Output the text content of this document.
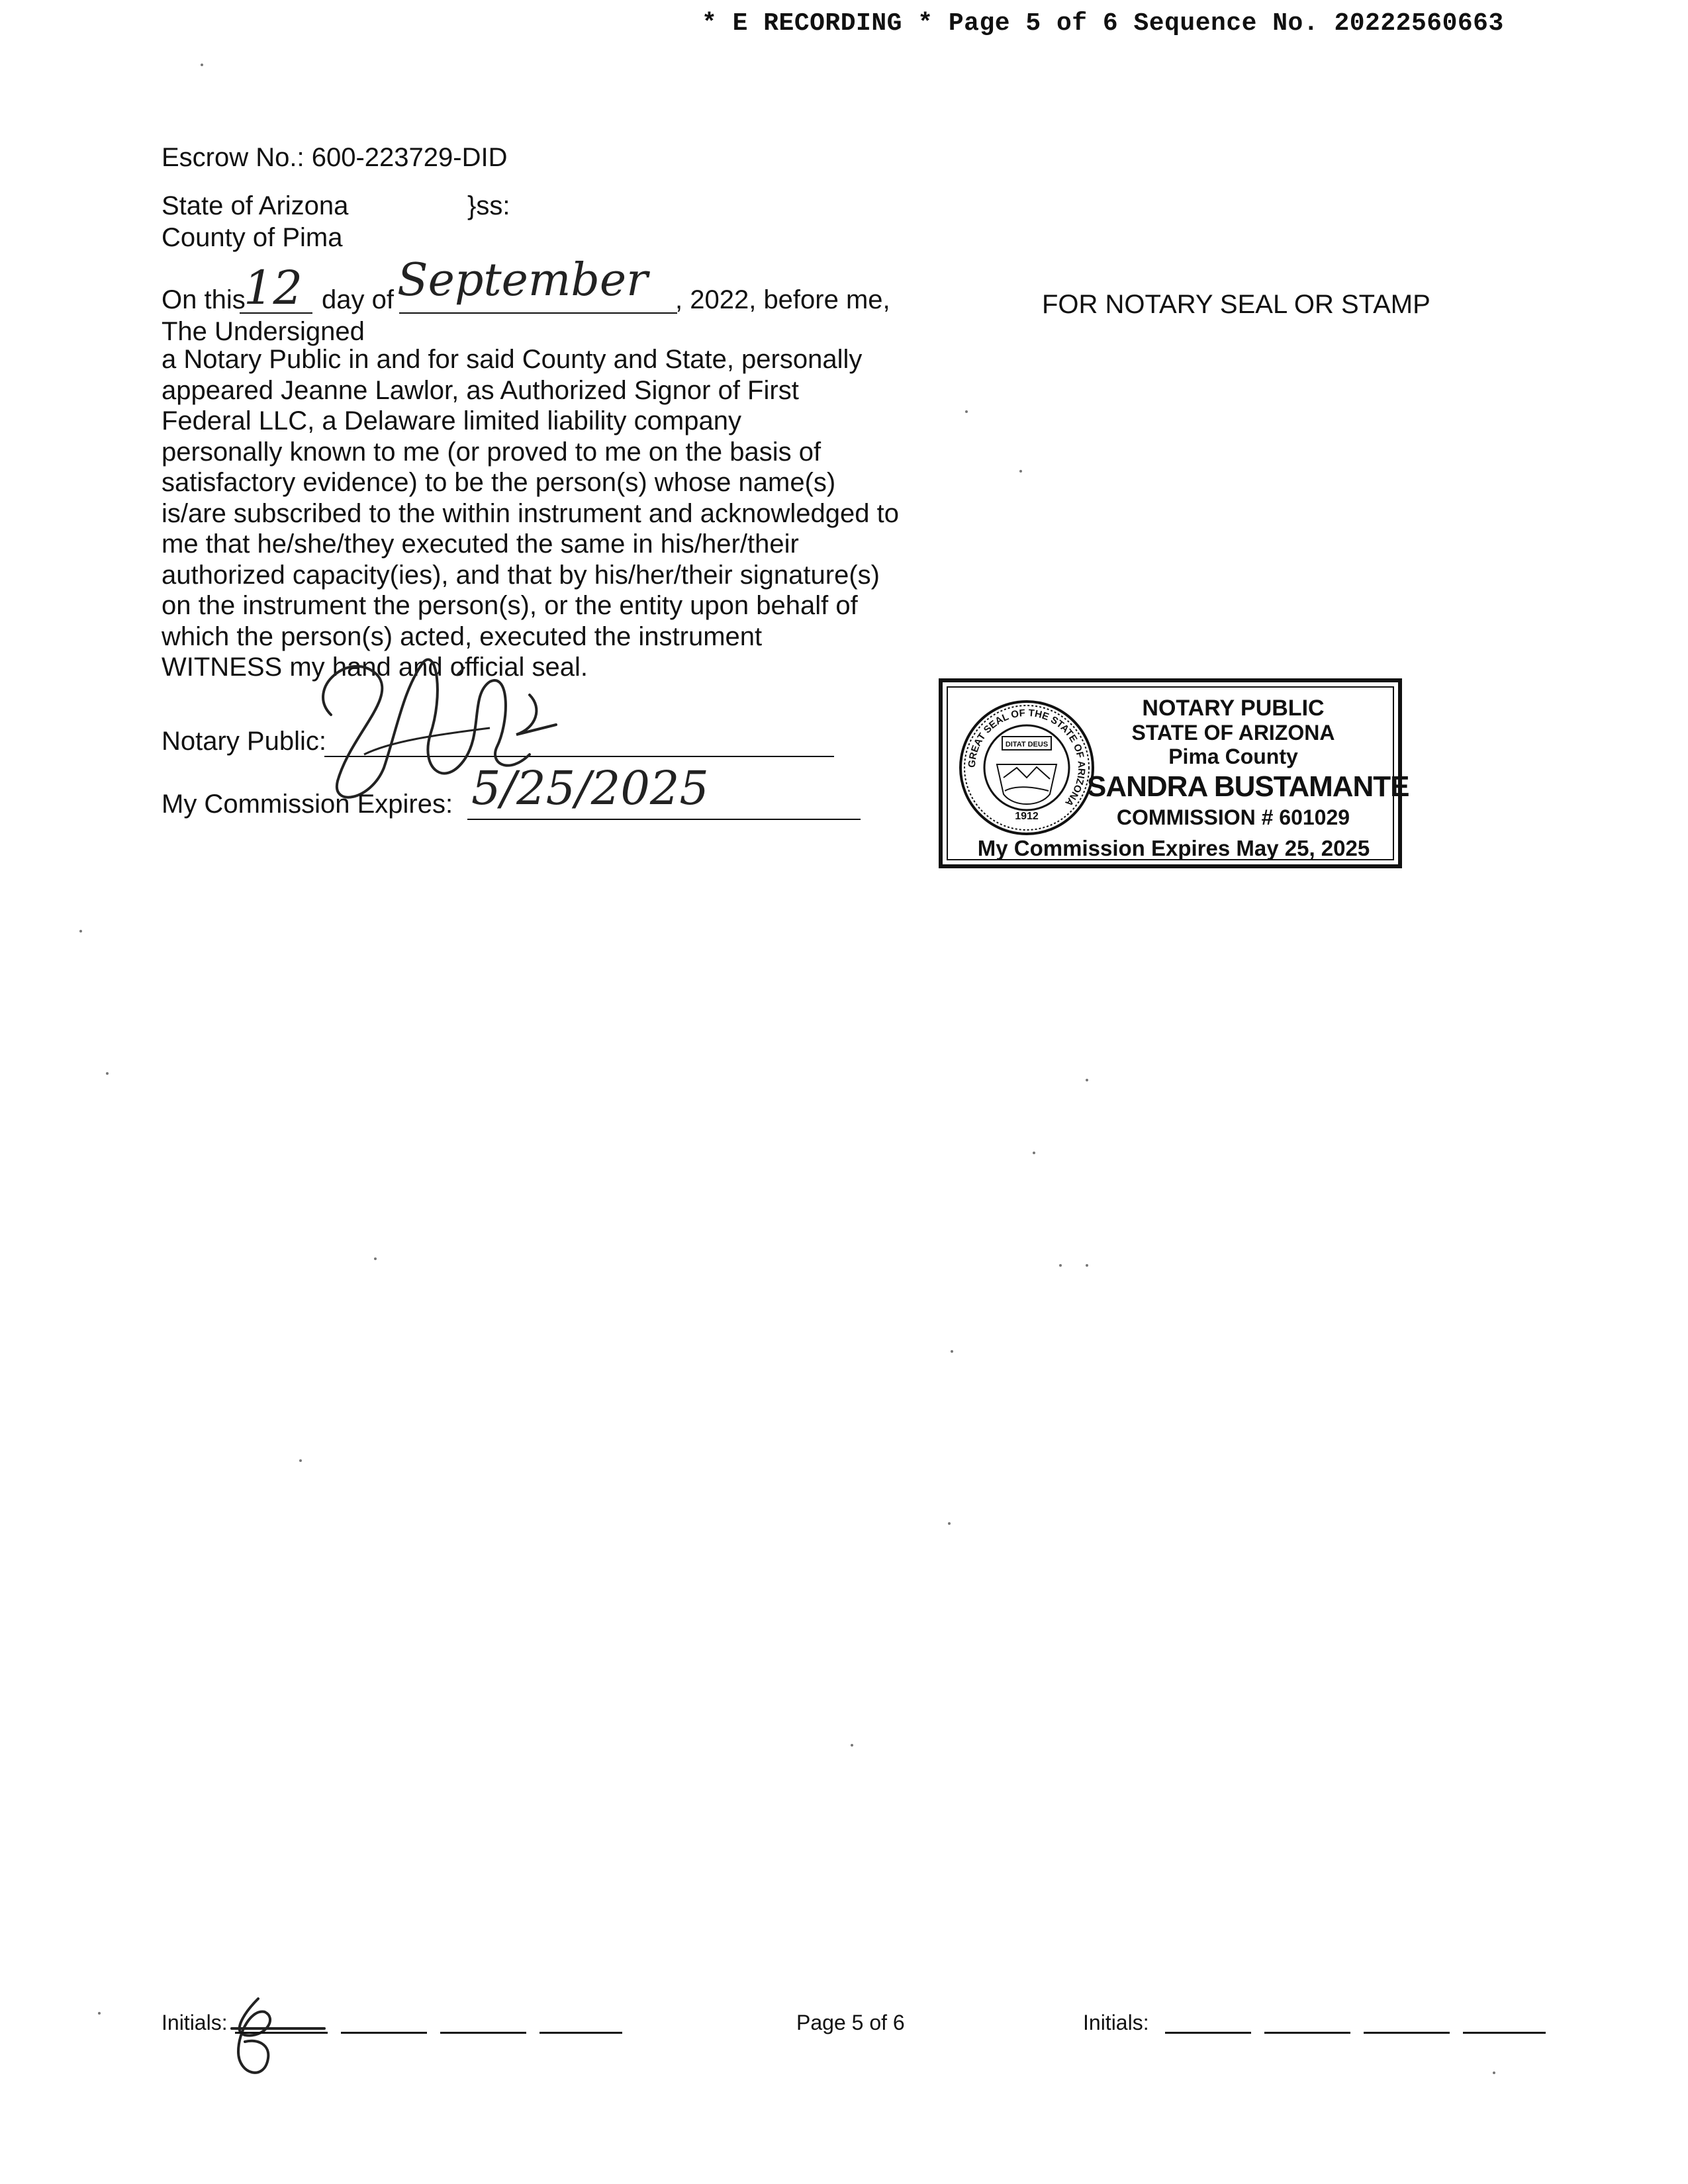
* E RECORDING * Page 5 of 6 Sequence No. 20222560663
Escrow No.: 600-223729-DID
State of Arizona	}ss:
County of Pima
On this
12 day of September , 2022, before me,
The Undersigned
a Notary Public in and for said County and State, personally
appeared Jeanne Lawlor, as Authorized Signor of First
Federal LLC, a Delaware limited liability company
personally known to me (or proved to me on the basis of
satisfactory evidence) to be the person(s) whose name(s)
is/are subscribed to the within instrument and acknowledged to
me that he/she/they executed the same in his/her/their
authorized capacity(ies), and that by his/her/their signature(s)
on the instrument the person(s), or the entity upon behalf of
which the person(s) acted, executed the instrument
WITNESS my hand and official seal.
FOR NOTARY SEAL OR STAMP
Notary Public:
My Commission Expires: 5/25/2025	GREAT SEAL OF THE STATE OF ARIZONA
DITAT DEUS
1912
NOTARY PUBLIC
STATE OF ARIZONA
Pima County
SANDRA BUSTAMANTE
COMMISSION # 601029
My Commission Expires May 25, 2025
Initials:	Page 5 of 6	Initials:
